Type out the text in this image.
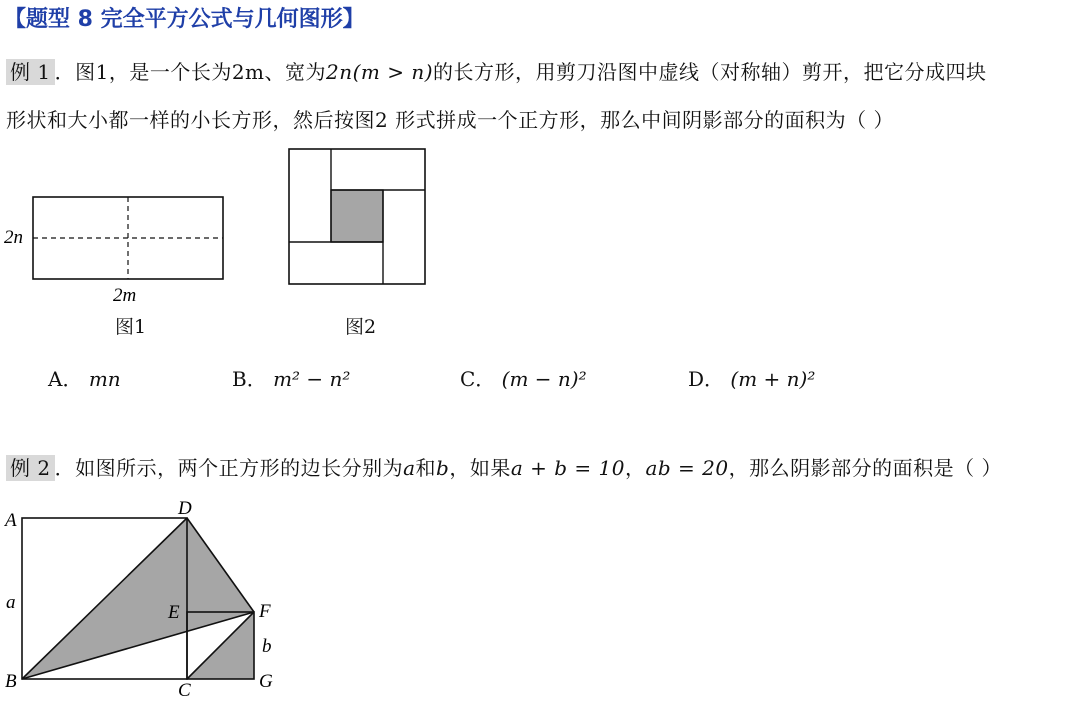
【题型 8 完全平方公式与几何图形】
例 1 ．图1，是一个长为2m、宽为2n(m > n)的长方形，用剪刀沿图中虚线（对称轴）剪开，把它分成四块
形状和大小都一样的小长方形，然后按图2 形式拼成一个正方形，那么中间阴影部分的面积为（ ）
2n
2m
图1	图2
A． mn	B． m² − n²	C． (m − n)²	D． (m + n)²
例 2 ．如图所示，两个正方形的边长分别为a和b，如果a + b = 10，ab = 20，那么阴影部分的面积是（ ）
A
B	C
D
E	F
G
a
b
